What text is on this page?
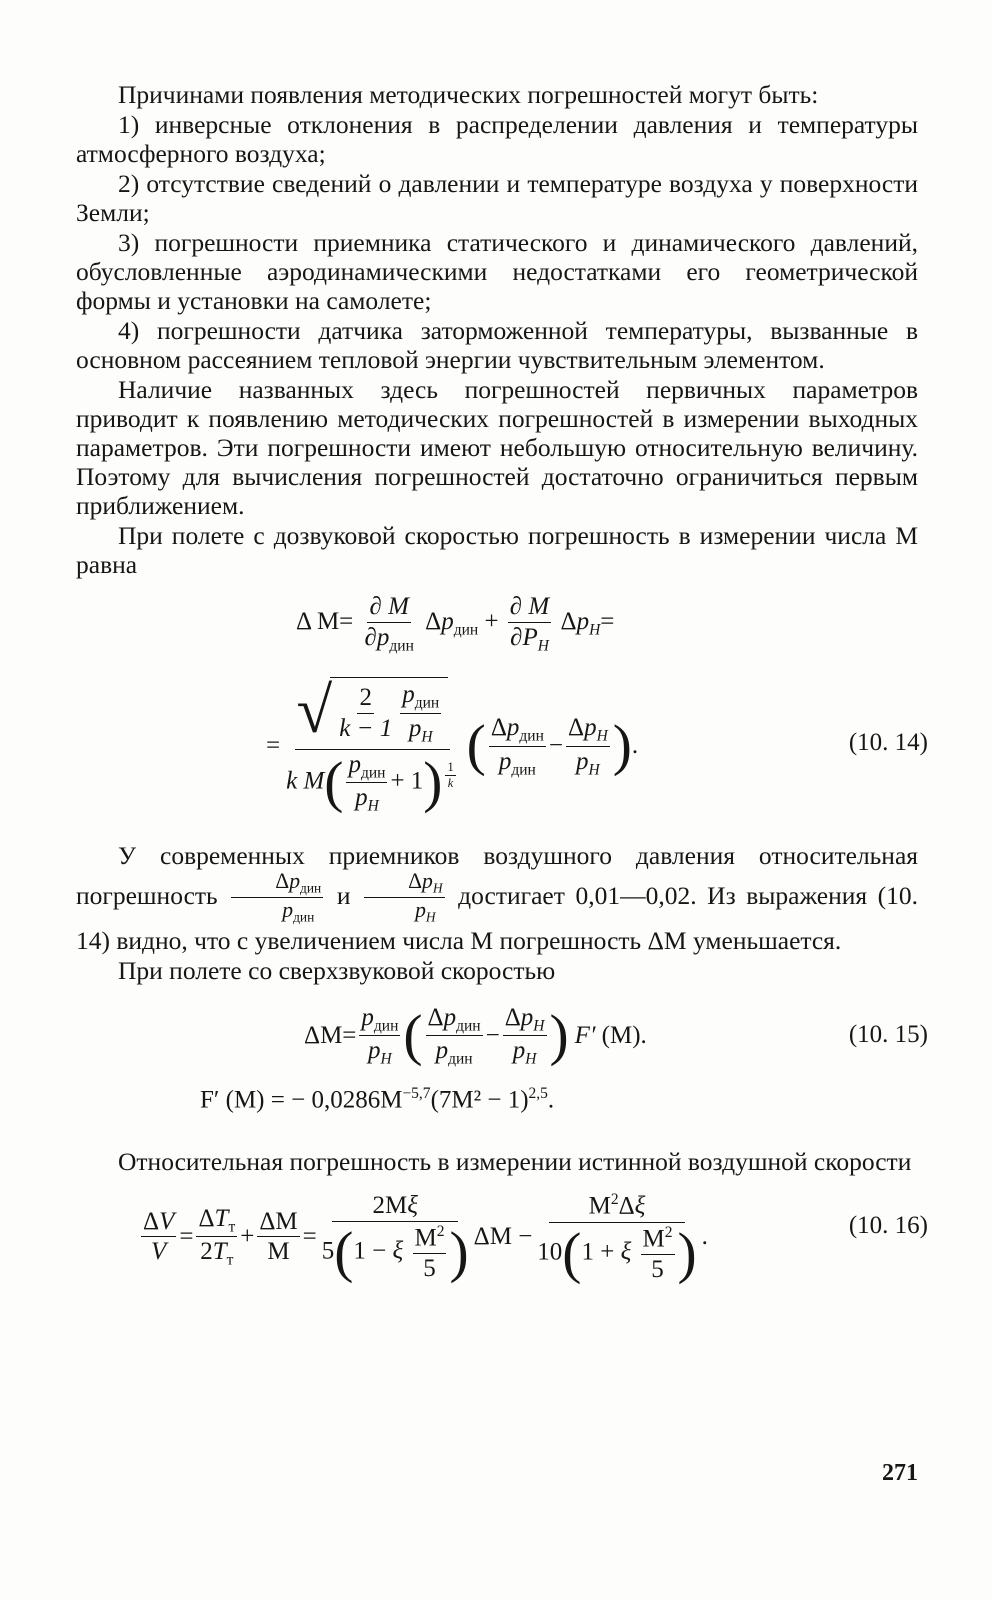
Причинами появления методических погрешностей могут быть:

1) инверсные отклонения в распределении давления и температуры атмосферного воздуха;

2) отсутствие сведений о давлении и температуре воздуха у поверхности Земли;

3) погрешности приемника статического и динамического давлений, обусловленные аэродинамическими недостатками его геометрической формы и установки на самолете;

4) погрешности датчика заторможенной температуры, вызванные в основном рассеянием тепловой энергии чувствительным элементом.

Наличие названных здесь погрешностей первичных параметров приводит к появлению методических погрешностей в измерении выходных параметров. Эти погрешности имеют небольшую относительную величину. Поэтому для вычисления погрешностей достаточно ограничиться первым приближением.

При полете с дозвуковой скоростью погрешность в измерении числа М равна

Δ $M= \frac{\partial M}{\partial p_{дин}} \Delta p_{дин} + \frac{\partial M}{\partial P_H} \Delta p_H=$
= √ $\frac{2}{k - 1} \frac{p_{дин}}{p_H}$
k $M( \frac{p_{дин}}{p_H} + 1)$ $^{\frac{1}{k}}$ ( $\frac{\Delta p_{дин}}{p_{дин}} - \frac{\Delta p_H}{p_H}$ ) .	(10. 14)
У современных приемников воздушного давления относительная погрешность $\frac{\Delta p_{дин}}{p_{дин}}$ и $\frac{\Delta p_H}{p_H}$ достигает 0,01—0,02. Из выражения (10. 14) видно, что с увеличением числа М погрешность ΔМ уменьшается.

При полете со сверхзвуковой скоростью

$\Delta M= \frac{p_{дин}}{p_H}$ ( $\frac{\Delta p_{дин}}{p_{дин}} - \frac{\Delta p_H}{p_H}$ ) F′ (M).	(10. 15)
F′ (M) = − $0,0286M^{-5,7}(7M^2 - 1)^{2,5}$.

Относительная погрешность в измерении истинной воздушной скорости

$\frac{\Delta V}{V} = \frac{\Delta T_т}{2T_т} + \frac{\Delta M}{M} = \frac{2M\xi}{5(1 - \xi \frac{M^2}{5} )}$ $\Delta M - \frac{M^2\Delta\xi}{10(1 + \xi \frac{M^2}{5} )}$ .	(10. 16)
271
